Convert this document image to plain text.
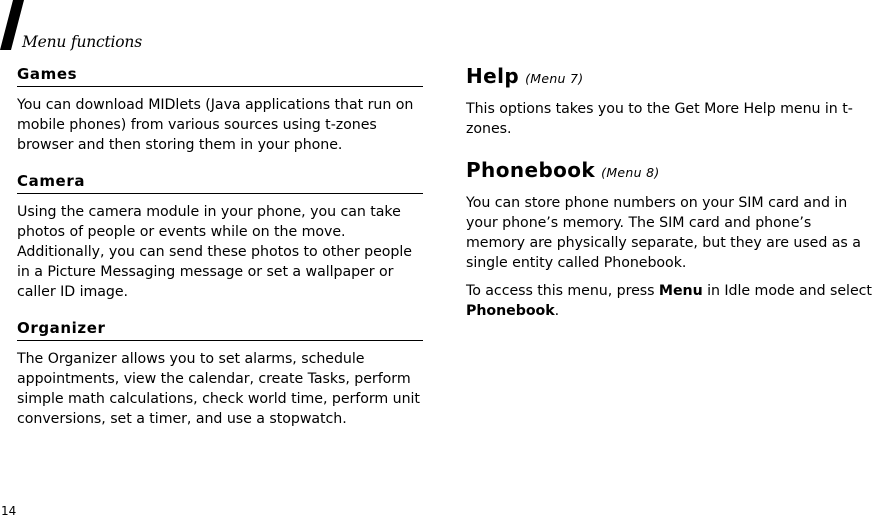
Menu functions
Games

You can download MIDlets (Java applications that run on mobile phones) from various sources using t-zones browser and then storing them in your phone.

Camera

Using the camera module in your phone, you can take photos of people or events while on the move. Additionally, you can send these photos to other people in a Picture Messaging message or set a wallpaper or caller ID image.

Organizer

The Organizer allows you to set alarms, schedule appointments, view the calendar, create Tasks, perform simple math calculations, check world time, perform unit conversions, set a timer, and use a stopwatch.

Help (Menu 7)

This options takes you to the Get More Help menu in t-zones.

Phonebook (Menu 8)

You can store phone numbers on your SIM card and in your phone’s memory. The SIM card and phone’s memory are physically separate, but they are used as a single entity called Phonebook.

To access this menu, press Menu in Idle mode and select Phonebook.

14
